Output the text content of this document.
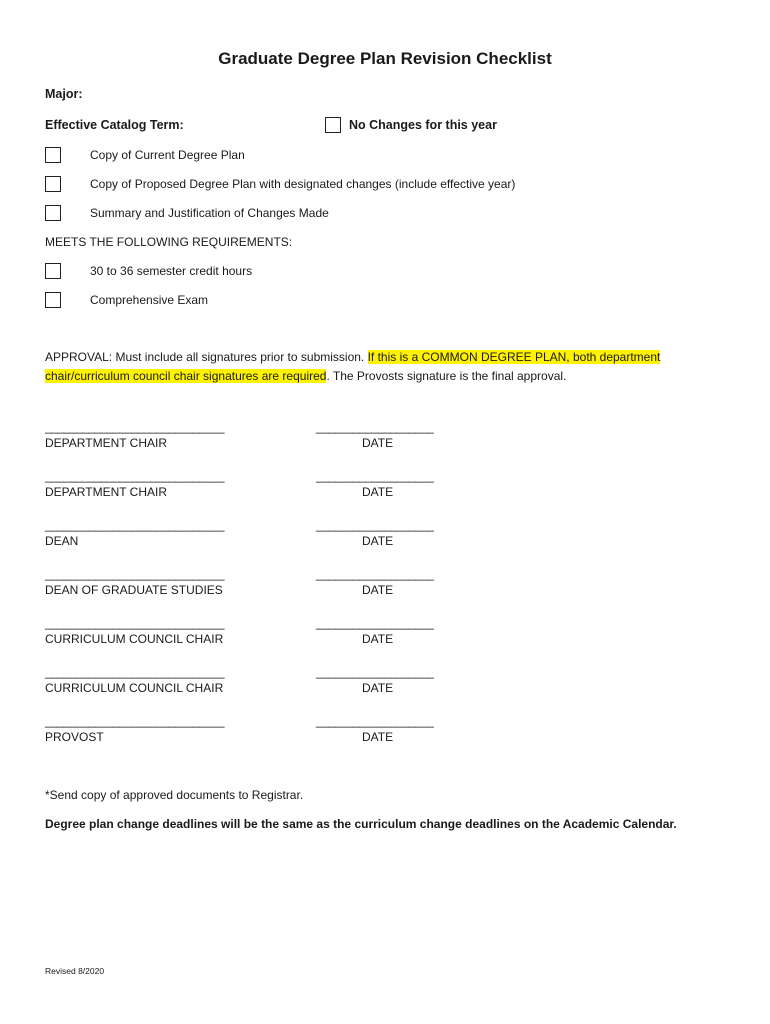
Graduate Degree Plan Revision Checklist
Major:
Effective Catalog Term:	No Changes for this year
Copy of Current Degree Plan
Copy of Proposed Degree Plan with designated changes (include effective year)
Summary and Justification of Changes Made
MEETS THE FOLLOWING REQUIREMENTS:
30 to 36 semester credit hours
Comprehensive Exam
APPROVAL: Must include all signatures prior to submission. If this is a COMMON DEGREE PLAN, both department chair/curriculum council chair signatures are required. The Provosts signature is the final approval.
_____________________________	___________________
DEPARTMENT CHAIR	DATE
_____________________________	___________________
DEPARTMENT CHAIR	DATE
_____________________________	___________________
DEAN	DATE
_____________________________	___________________
DEAN OF GRADUATE STUDIES	DATE
_____________________________	___________________
CURRICULUM COUNCIL CHAIR	DATE
_____________________________	___________________
CURRICULUM COUNCIL CHAIR	DATE
_____________________________	___________________
PROVOST	DATE
*Send copy of approved documents to Registrar.
Degree plan change deadlines will be the same as the curriculum change deadlines on the Academic Calendar.
Revised 8/2020
